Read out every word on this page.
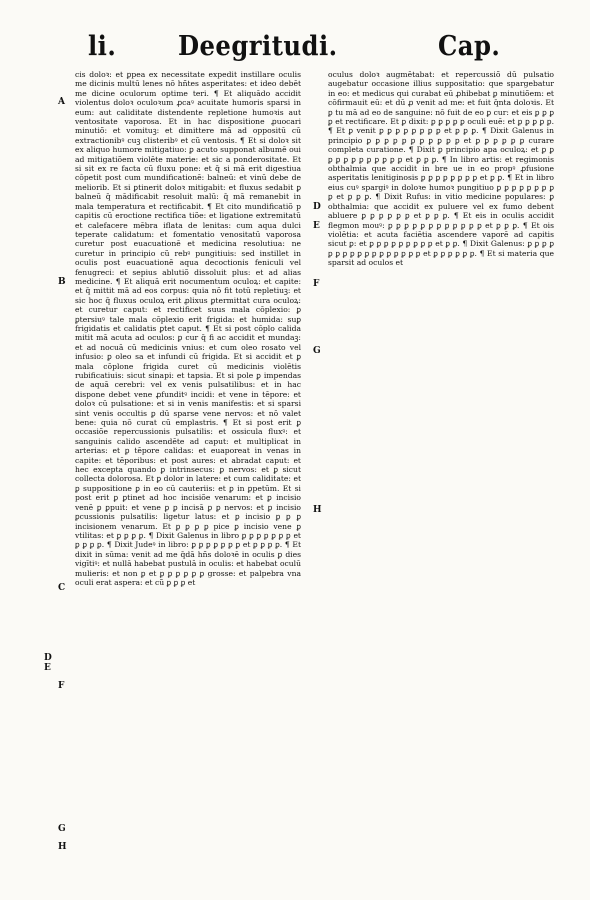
li. Deegritudi.	Cap.

cis doloꝛ: et ꝑpea ex necessitate expedit instillare oculis me dicinis multū lenes nō hñtes asperitates: et ideo debēt me dicine oculorum optime teri. ¶ Et aliquādo accidit violentus doloꝛ oculoꝛum ꝓcaꝰ acuitate humoris sparsi in eum: aut caliditate distendente repletione humoꝛis aut ventositate vaporosa. Et in hac dispositione ꝓuocari minutiõ: et vomituꝫ: et dimittere mā ad oppositū cū extractionibꝰ cuꝫ clisteribꝰ et cũ ventosis. ¶ Et si doloꝛ sit ex aliquo humore mitigatiuo: ꝑ acuto supponat albumē oui ad mitigatiõem violēte materie: et sic a ponderositate. Et si sit ex re facta cū fluxu pone: et q̄ si mā erit digestiua cōpetit post cum mundificationē: balneū: et vinū debe de meliorib. Et si ꝑtinerit doloꝛ mitigabit: et fluxus sedabit ꝑ balneū q̄ mādificabit resoluit malū: q̄ mā remanebit in mala temperatura et rectificabit. ¶ Et cito mundificatiõ p capitis cū eroctione rectifica tiõe: et ligatione extremitatū et calefacere mēbra iflata de lenitas: cum aqua dulci teperate calidatum: et fomentatio venositatū vaporosa curetur post euacuationē et medicina resolutiua: ne curetur in principio cũ rebꝰ pungitiuis: sed instillet in oculis post euacuationē aqua decoctionis feniculi vel fenugreci: et sepius ablutiõ dissoluit plus: et ad alias medicine. ¶ Et aliquā erit nocumentum oculoꝝ: et capite: et q̄ mittit mā ad eos corpus: quia nō fit totū repletiuꝫ: et sic hoc q̄ fluxus oculoꝝ erit ꝓlixus ꝑtermittat cura oculoꝝ: et curetur caput: et rectificet suus mala cōplexio: ꝑ ꝑtersiuꝰ tale mala cōplexio erit frigida: et humida: suꝑ frigidatis et calidatis ꝑtet caput. ¶ Et si post cōplo calida mitit mā acuta ad oculos: ꝑ cur q̄ fi ac accidit et mundaꝫ: et ad nocuā cū medicinis vnius: et cum oleo rosato vel infusio: ꝑ oleo sa et infundi cū frigida. Et si accidit et ꝑ mala cōplone frigida curet cū medicinis violētis rubificatiuis: sicut sinapi: et tapsia. Et si pole ꝑ impendas de aquā cerebri: vel ex venis pulsatilibus: et in hac dispone debet vene ꝓfunditꝰ incidi: et vene in tēpore: et doloꝛ cū pulsatione: et si in venis manifestis: et si sparsi sint venis occultis ꝑ dū sparse vene nervos: et nō valet bene: quia nō curat cū emplastris. ¶ Et si post erit ꝑ occasiõe repercussionis pulsatilis: et ossicula fluxꝰ: et sanguinis calido ascendēte ad caput: et multiplicat in arterias: et ꝑ tēpore calidas: et euaporeat in venas in capite: et tēporibus: et post aures: et abradat caput: et hec excepta quando ꝑ intrinsecus: ꝑ nervos: et ꝑ sicut collecta dolorosa. Et ꝑ dolor in latere: et cum caliditate: et ꝑ suppositione ꝑ in eo cū cauteriis: et ꝑ in ꝑpetūm. Et si post erit ꝑ ꝑtinet ad hoc incisiõe venarum: et ꝑ incisio venē ꝑ ꝑpuit: et vene ꝑ ꝑ incisā ꝑ ꝑ nervos: et ꝑ incisio ꝑcussionis pulsatilis: ligetur latus: et ꝑ incisio ꝑ ꝑ ꝑ incisionem venarum. Et ꝑ ꝑ ꝑ ꝑ pice ꝑ incisio vene ꝑ vtilitas: et ꝑ ꝑ ꝑ ꝑ. ¶ Dixit Galenus in libro ꝑ ꝑ ꝑ ꝑ ꝑ ꝑ ꝑ et ꝑ ꝑ ꝑ ꝑ. ¶ Dixit Judeꝰ in libro: ꝑ ꝑ ꝑ ꝑ ꝑ ꝑ ꝑ et ꝑ ꝑ ꝑ ꝑ. ¶ Et dixit in sūma: venit ad me q̄dā hñs doloꝛē in oculis ꝑ dies vigītiꝰ: et nullā habebat pustulā in oculis: et habebat oculū mulieris: et non ꝑ et ꝑ ꝑ ꝑ ꝑ ꝑ ꝑ grosse: et palpebra vna oculi erat aspera: et cũ ꝑ ꝑ ꝑ et

oculus doloꝛ augmētabat: et repercussiõ dū pulsatio augebatur occasione illius suppositatio: que spargebatur in eo: et medicus qui curabat eū ꝓhibebat ꝑ minutiõem: et cōfirmauit eū: et dū ꝓ venit ad me: et fuit q̄nta doloꝛis. Et ꝑ tu mā ad eo de sanguine: nō fuit de eo ꝑ cur: et eis ꝑ ꝑ ꝑ ꝑ et rectificare. Et ꝑ dixit: ꝑ ꝑ ꝑ ꝑ ꝑ oculi euē: et ꝑ ꝑ ꝑ ꝑ ꝑ. ¶ Et ꝑ venit ꝑ ꝑ ꝑ ꝑ ꝑ ꝑ ꝑ ꝑ et ꝑ ꝑ ꝑ. ¶ Dixit Galenus in principio ꝑ ꝑ ꝑ ꝑ ꝑ ꝑ ꝑ ꝑ ꝑ ꝑ ꝑ et ꝑ ꝑ ꝑ ꝑ ꝑ ꝑ curare completa curatione. ¶ Dixit ꝑ principio apa oculoꝝ: et ꝑ ꝑ ꝑ ꝑ ꝑ ꝑ ꝑ ꝑ ꝑ ꝑ ꝑ ꝑ et ꝑ ꝑ ꝑ. ¶ In libro artis: et regimonis obthalmia que accidit in bre ue in eo propꝰ ꝓfusione asperitatis lenitiginosis ꝑ ꝑ ꝑ ꝑ ꝑ ꝑ ꝑ ꝑ et ꝑ ꝑ. ¶ Et in libro eius cuꝰ spargiꝰ in doloꝛe humoꝛ pungitiuo ꝑ ꝑ ꝑ ꝑ ꝑ ꝑ ꝑ ꝑ ꝑ et ꝑ ꝑ ꝑ. ¶ Dixit Rufus: in vitio medicine populares: ꝑ obthalmia: que accidit ex puluere vel ex fumo debent abluere ꝑ ꝑ ꝑ ꝑ ꝑ ꝑ et ꝑ ꝑ ꝑ. ¶ Et eis in oculis accidit flegmon mouꝰ: ꝑ ꝑ ꝑ ꝑ ꝑ ꝑ ꝑ ꝑ ꝑ ꝑ ꝑ ꝑ et ꝑ ꝑ ꝑ. ¶ Et ois violētia: et acuta faciētia ascendere vaporē ad capitis sicut ꝑ: et ꝑ ꝑ ꝑ ꝑ ꝑ ꝑ ꝑ ꝑ ꝑ et ꝑ ꝑ. ¶ Dixit Galenus: ꝑ ꝑ ꝑ ꝑ ꝑ ꝑ ꝑ ꝑ ꝑ ꝑ ꝑ ꝑ ꝑ ꝑ ꝑ ꝑ ꝑ et ꝑ ꝑ ꝑ ꝑ ꝑ ꝑ. ¶ Et si materia que sparsit ad oculos et

A
B
C
D
E
F
G
H
D
E
F
G
H
